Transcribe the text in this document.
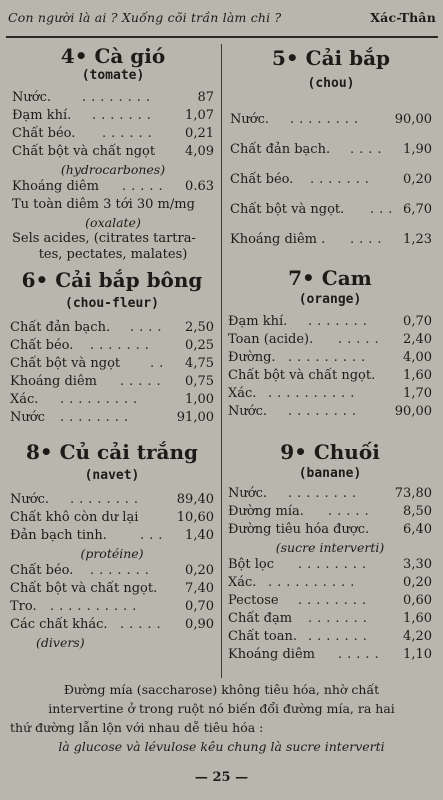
Con người là ai ? Xuống cõi trần làm chi ?	Xác-Thân
4• Cà gió
(tomate)
Nước. ........	87
Đạm khí. ....... 1,07
Chất béo. ...... 0,21
Chất bột và chất ngọt 4,09
(hydrocarbones)
Khoáng diêm ..... 0.63
Tu toàn diêm 3 tới 30 m/mg
(oxalate)
Sels acides, (citrates tartra-
tes, pectates, malates)
6• Cải bắp bông
(chou-fleur)
Chất đản bạch. .... 2,50
Chất béo. ....... 0,25
Chất bột và ngọt .. 4,75
Khoáng diêm ..... 0,75
Xác. .........	1,00
Nước ........	91,00
8• Củ cải trắng
(navet)
Nước. ........	89,40
Chất khô còn dư lại	10,60
Đản bạch tinh.	... 1,40
(protéine)
Chất béo. ....... 0,20
Chất bột và chất ngọt. 7,40
Tro. ..........	0,70
Các chất khác. ..... 0,90
(divers)
5• Cải bắp
(chou)
Nước. ........ 90,00
Chất đản bạch. .... 1,90
Chất béo. ....... 0,20
Chất bột và ngọt. ... 6,70
Khoáng diêm . .... 1,23
7• Cam
(orange)
Đạm khí. ....... 0,70
Toan (acide). ..... 2,40
Đường. .........	4,00
Chất bột và chất ngọt. 1,60
Xác. ..........	1,70
Nước. ........	90,00
9• Chuối
(banane)
Nước. ........	73,80
Đường mía. ..... 8,50
Đường tiêu hóa được.	6,40
(sucre interverti)
Bột lọc ........ 3,30
Xác. ..........	0,20
Pectose ........ 0,60
Chất đạm ....... 1,60
Chất toan. ....... 4,20
Khoáng diêm ..... 1,10
Đường mía (saccharose) không tiêu hóa, nhờ chất
intervertine ở trong ruột nó biến đổi đường mía, ra hai
thứ đường lẫn lộn với nhau dễ tiêu hóa :
là glucose và lévulose kêu chung là sucre interverti
— 25 —
